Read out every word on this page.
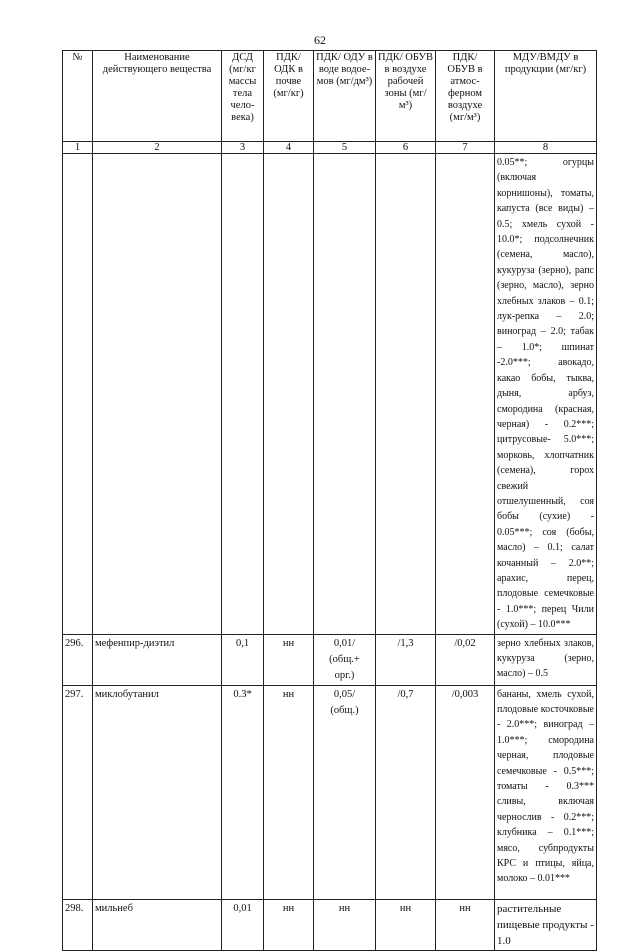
62
№	Наименование действующего вещества	ДСД (мг/кг массы тела чело-века)	ПДК/ ОДК в почве (мг/кг)	ПДК/ ОДУ в воде водое-мов (мг/дм³)	ПДК/ ОБУВ в воздухе рабочей зоны (мг/м³)	ПДК/ ОБУВ в атмос-ферном воздухе (мг/м³)	МДУ/ВМДУ в продукции (мг/кг)
1	2	3	4	5	6	7	8
							0.05**; огурцы (включая корнишоны), томаты, капуста (все виды) – 0.5; хмель сухой - 10.0*; подсолнечник (семена, масло), кукуруза (зерно), рапс (зерно, масло), зерно хлебных злаков – 0.1; лук-репка – 2.0; виноград – 2.0; табак – 1.0*; шпинат -2.0***; авокадо, какао бобы, тыква, дыня, арбуз, смородина (красная, черная) - 0.2***; цитрусовые- 5.0***; морковь, хлопчатник (семена), горох свежий отшелушенный, соя бобы (сухие) - 0.05***; соя (бобы, масло) – 0.1; салат кочанный – 2.0**; арахис, перец, плодовые семечковые - 1.0***; перец Чили (сухой) – 10.0***
296.	мефенпир-диэтил	0,1	нн	0,01/
(общ.+
орг.)	/1,3	/0,02	зерно хлебных злаков, кукуруза (зерно, масло) – 0.5
297.	миклобутанил	0.3*	нн	0,05/
(общ.)	/0,7	/0,003	бананы, хмель сухой, плодовые косточковые - 2.0***; виноград – 1.0***; смородина черная, плодовые семечковые - 0.5***; томаты - 0.3*** сливы, включая чернослив - 0.2***; клубника – 0.1***; мясо, субпродукты КРС и птицы, яйца, молоко – 0.01***
298.	мильнеб	0,01	нн	нн	нн	нн	растительные пищевые продукты - 1.0
